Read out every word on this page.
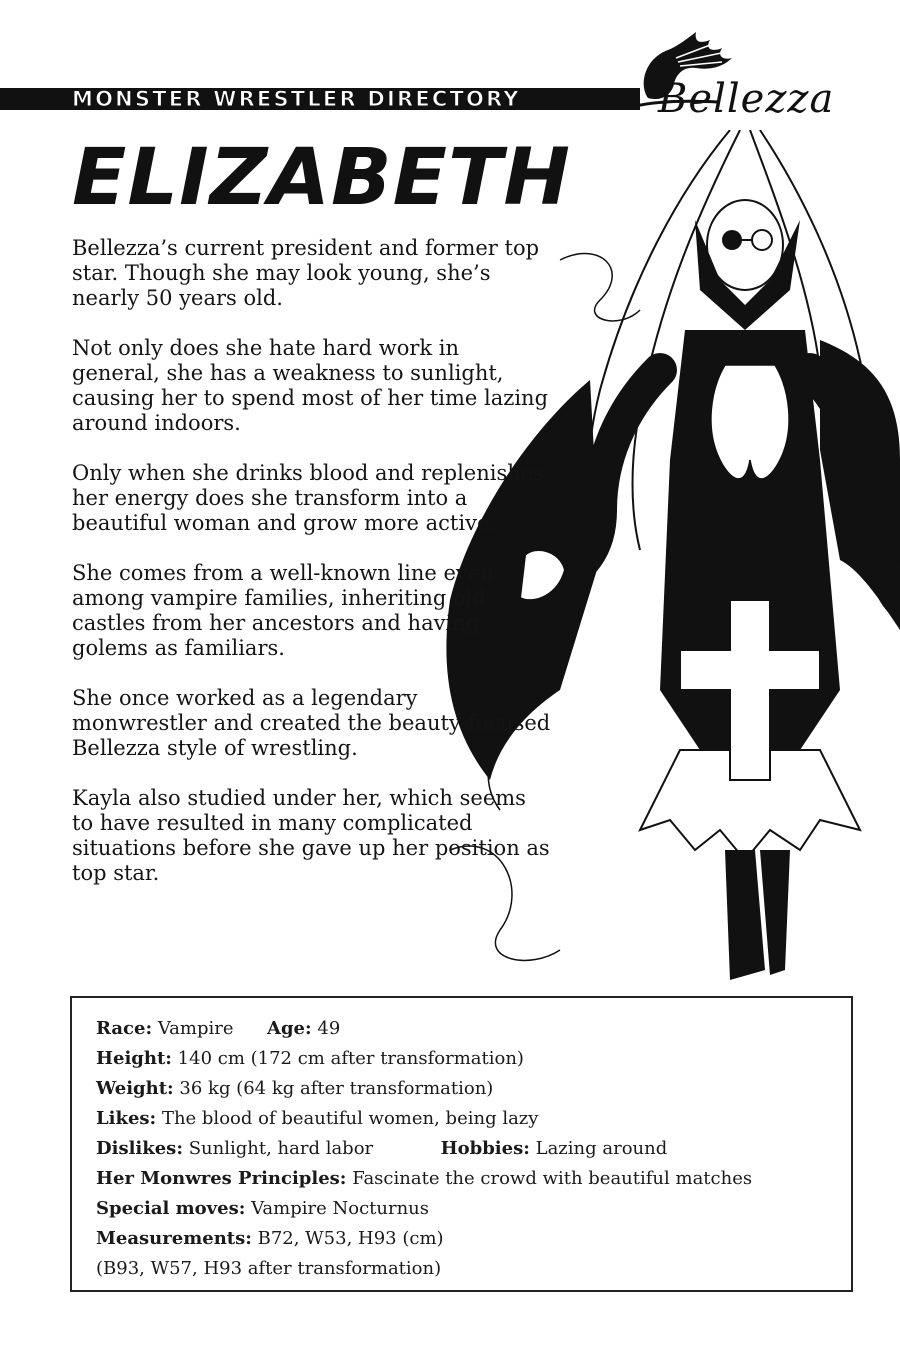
MONSTER WRESTLER DIRECTORY	Bellezza
ELIZABETH

Bellezza’s current president and former top star. Though she may look young, she’s nearly 50 years old.

Not only does she hate hard work in general, she has a weakness to sunlight, causing her to spend most of her time lazing around indoors.

Only when she drinks blood and replenishes her energy does she transform into a beautiful woman and grow more active.

She comes from a well-known line even among vampire families, inheriting old castles from her ancestors and having golems as familiars.

She once worked as a legendary monwrestler and created the beauty-focused Bellezza style of wrestling.

Kayla also studied under her, which seems to have resulted in many complicated situations before she gave up her position as top star.

Race: Vampire Age: 49
Height: 140 cm (172 cm after transformation)
Weight: 36 kg (64 kg after transformation)
Likes: The blood of beautiful women, being lazy
Dislikes: Sunlight, hard labor	Hobbies: Lazing around
Her Monwres Principles: Fascinate the crowd with beautiful matches
Special moves: Vampire Nocturnus
Measurements: B72, W53, H93 (cm)
(B93, W57, H93 after transformation)
